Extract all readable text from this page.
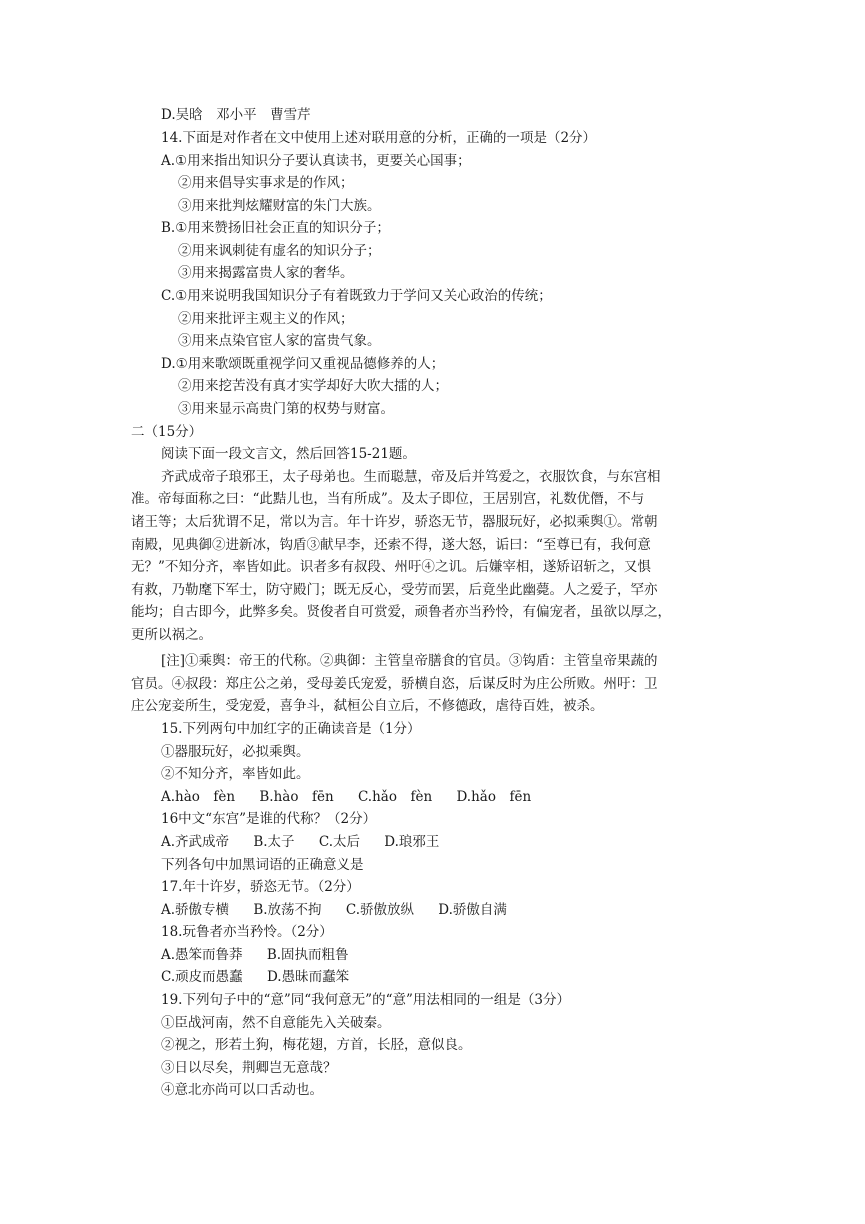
D.吴晗　邓小平　曹雪芹
14.下面是对作者在文中使用上述对联用意的分析，正确的一项是（2分）
A.①用来指出知识分子要认真读书，更要关心国事；
②用来倡导实事求是的作风；
③用来批判炫耀财富的朱门大族。
B.①用来赞扬旧社会正直的知识分子；
②用来讽刺徒有虚名的知识分子；
③用来揭露富贵人家的奢华。
C.①用来说明我国知识分子有着既致力于学问又关心政治的传统；
②用来批评主观主义的作风；
③用来点染官宦人家的富贵气象。
D.①用来歌颂既重视学问又重视品德修养的人；
②用来挖苦没有真才实学却好大吹大擂的人；
③用来显示高贵门第的权势与财富。
二（15分）
阅读下面一段文言文，然后回答15-21题。
齐武成帝子琅邪王，太子母弟也。生而聪慧，帝及后并笃爱之，衣服饮食，与东宫相
准。帝每面称之曰：“此黠儿也，当有所成”。及太子即位，王居别宫，礼数优僭，不与
诸王等；太后犹谓不足，常以为言。年十许岁，骄恣无节，器服玩好，必拟乘舆①。常朝
南殿，见典御②进新冰，钩盾③献早李，还索不得，遂大怒，诟曰：“至尊已有，我何意
无？”不知分齐，率皆如此。识者多有叔段、州吁④之讥。后嫌宰相，遂矫诏斩之，又惧
有救，乃勒麾下军士，防守殿门；既无反心，受劳而罢，后竟坐此幽薨。人之爱子，罕亦
能均；自古即今，此弊多矣。贤俊者自可赏爱，顽鲁者亦当矜怜，有偏宠者，虽欲以厚之，
更所以祸之。
[注]①乘舆：帝王的代称。②典御：主管皇帝膳食的官员。③钩盾：主管皇帝果蔬的
官员。④叔段：郑庄公之弟，受母姜氏宠爱，骄横自恣，后谋反时为庄公所败。州吁：卫
庄公宠妾所生，受宠爱，喜争斗，弑桓公自立后，不修德政，虐待百姓，被杀。
15.下列两句中加红字的正确读音是（1分）
①器服玩好，必拟乘舆。
②不知分齐，率皆如此。
A.hào　fèn B.hào　fēn C.hǎo　fèn D.hǎo　fēn
16中文“东宫”是谁的代称？（2分）
A.齐武成帝 B.太子 C.太后 D.琅邪王
下列各句中加黑词语的正确意义是
17.年十许岁，骄恣无节。（2分）
A.骄傲专横 B.放荡不拘 C.骄傲放纵 D.骄傲自满
18.玩鲁者亦当矜怜。（2分）
A.愚笨而鲁莽 B.固执而粗鲁
C.顽皮而愚蠢 D.愚昧而蠢笨
19.下列句子中的“意”同“我何意无”的“意”用法相同的一组是（3分）
①臣战河南，然不自意能先入关破秦。
②视之，形若土狗，梅花翅，方首，长胫，意似良。
③日以尽矣，荆卿岂无意哉？
④意北亦尚可以口舌动也。
